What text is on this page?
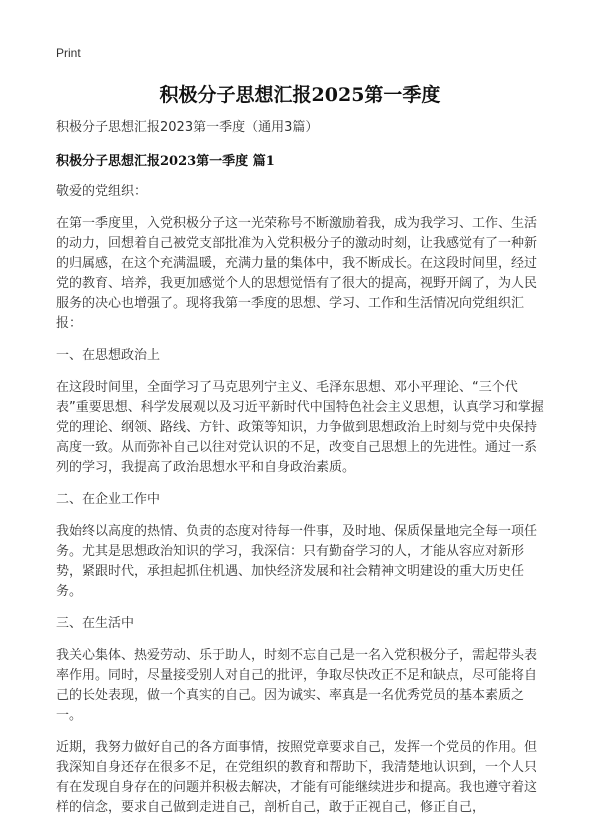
Print
积极分子思想汇报2025第一季度

积极分子思想汇报2023第一季度（通用3篇）

积极分子思想汇报2023第一季度 篇1

敬爱的党组织：

在第一季度里，入党积极分子这一光荣称号不断激励着我，成为我学习、工作、生活的动力，回想着自己被党支部批准为入党积极分子的激动时刻，让我感觉有了一种新的归属感，在这个充满温暖，充满力量的集体中，我不断成长。在这段时间里，经过党的教育、培养，我更加感觉个人的思想觉悟有了很大的提高，视野开阔了，为人民服务的决心也增强了。现将我第一季度的思想、学习、工作和生活情况向党组织汇报：

一、在思想政治上

在这段时间里，全面学习了马克思列宁主义、毛泽东思想、邓小平理论、“三个代表”重要思想、科学发展观以及习近平新时代中国特色社会主义思想，认真学习和掌握党的理论、纲领、路线、方针、政策等知识，力争做到思想政治上时刻与党中央保持高度一致。从而弥补自己以往对党认识的不足，改变自己思想上的先进性。通过一系列的学习，我提高了政治思想水平和自身政治素质。

二、在企业工作中

我始终以高度的热情、负责的态度对待每一件事，及时地、保质保量地完全每一项任务。尤其是思想政治知识的学习，我深信：只有勤奋学习的人，才能从容应对新形势，紧跟时代，承担起抓住机遇、加快经济发展和社会精神文明建设的重大历史任务。

三、在生活中

我关心集体、热爱劳动、乐于助人，时刻不忘自己是一名入党积极分子，需起带头表率作用。同时，尽量接受别人对自己的批评，争取尽快改正不足和缺点，尽可能将自己的长处表现，做一个真实的自己。因为诚实、率真是一名优秀党员的基本素质之一。

近期，我努力做好自己的各方面事情，按照党章要求自己，发挥一个党员的作用。但我深知自身还存在很多不足，在党组织的教育和帮助下，我清楚地认识到，一个人只有在发现自身存在的问题并积极去解决，才能有可能继续进步和提高。我也遵守着这样的信念，要求自己做到走进自己，剖析自己，敢于正视自己，修正自己，
